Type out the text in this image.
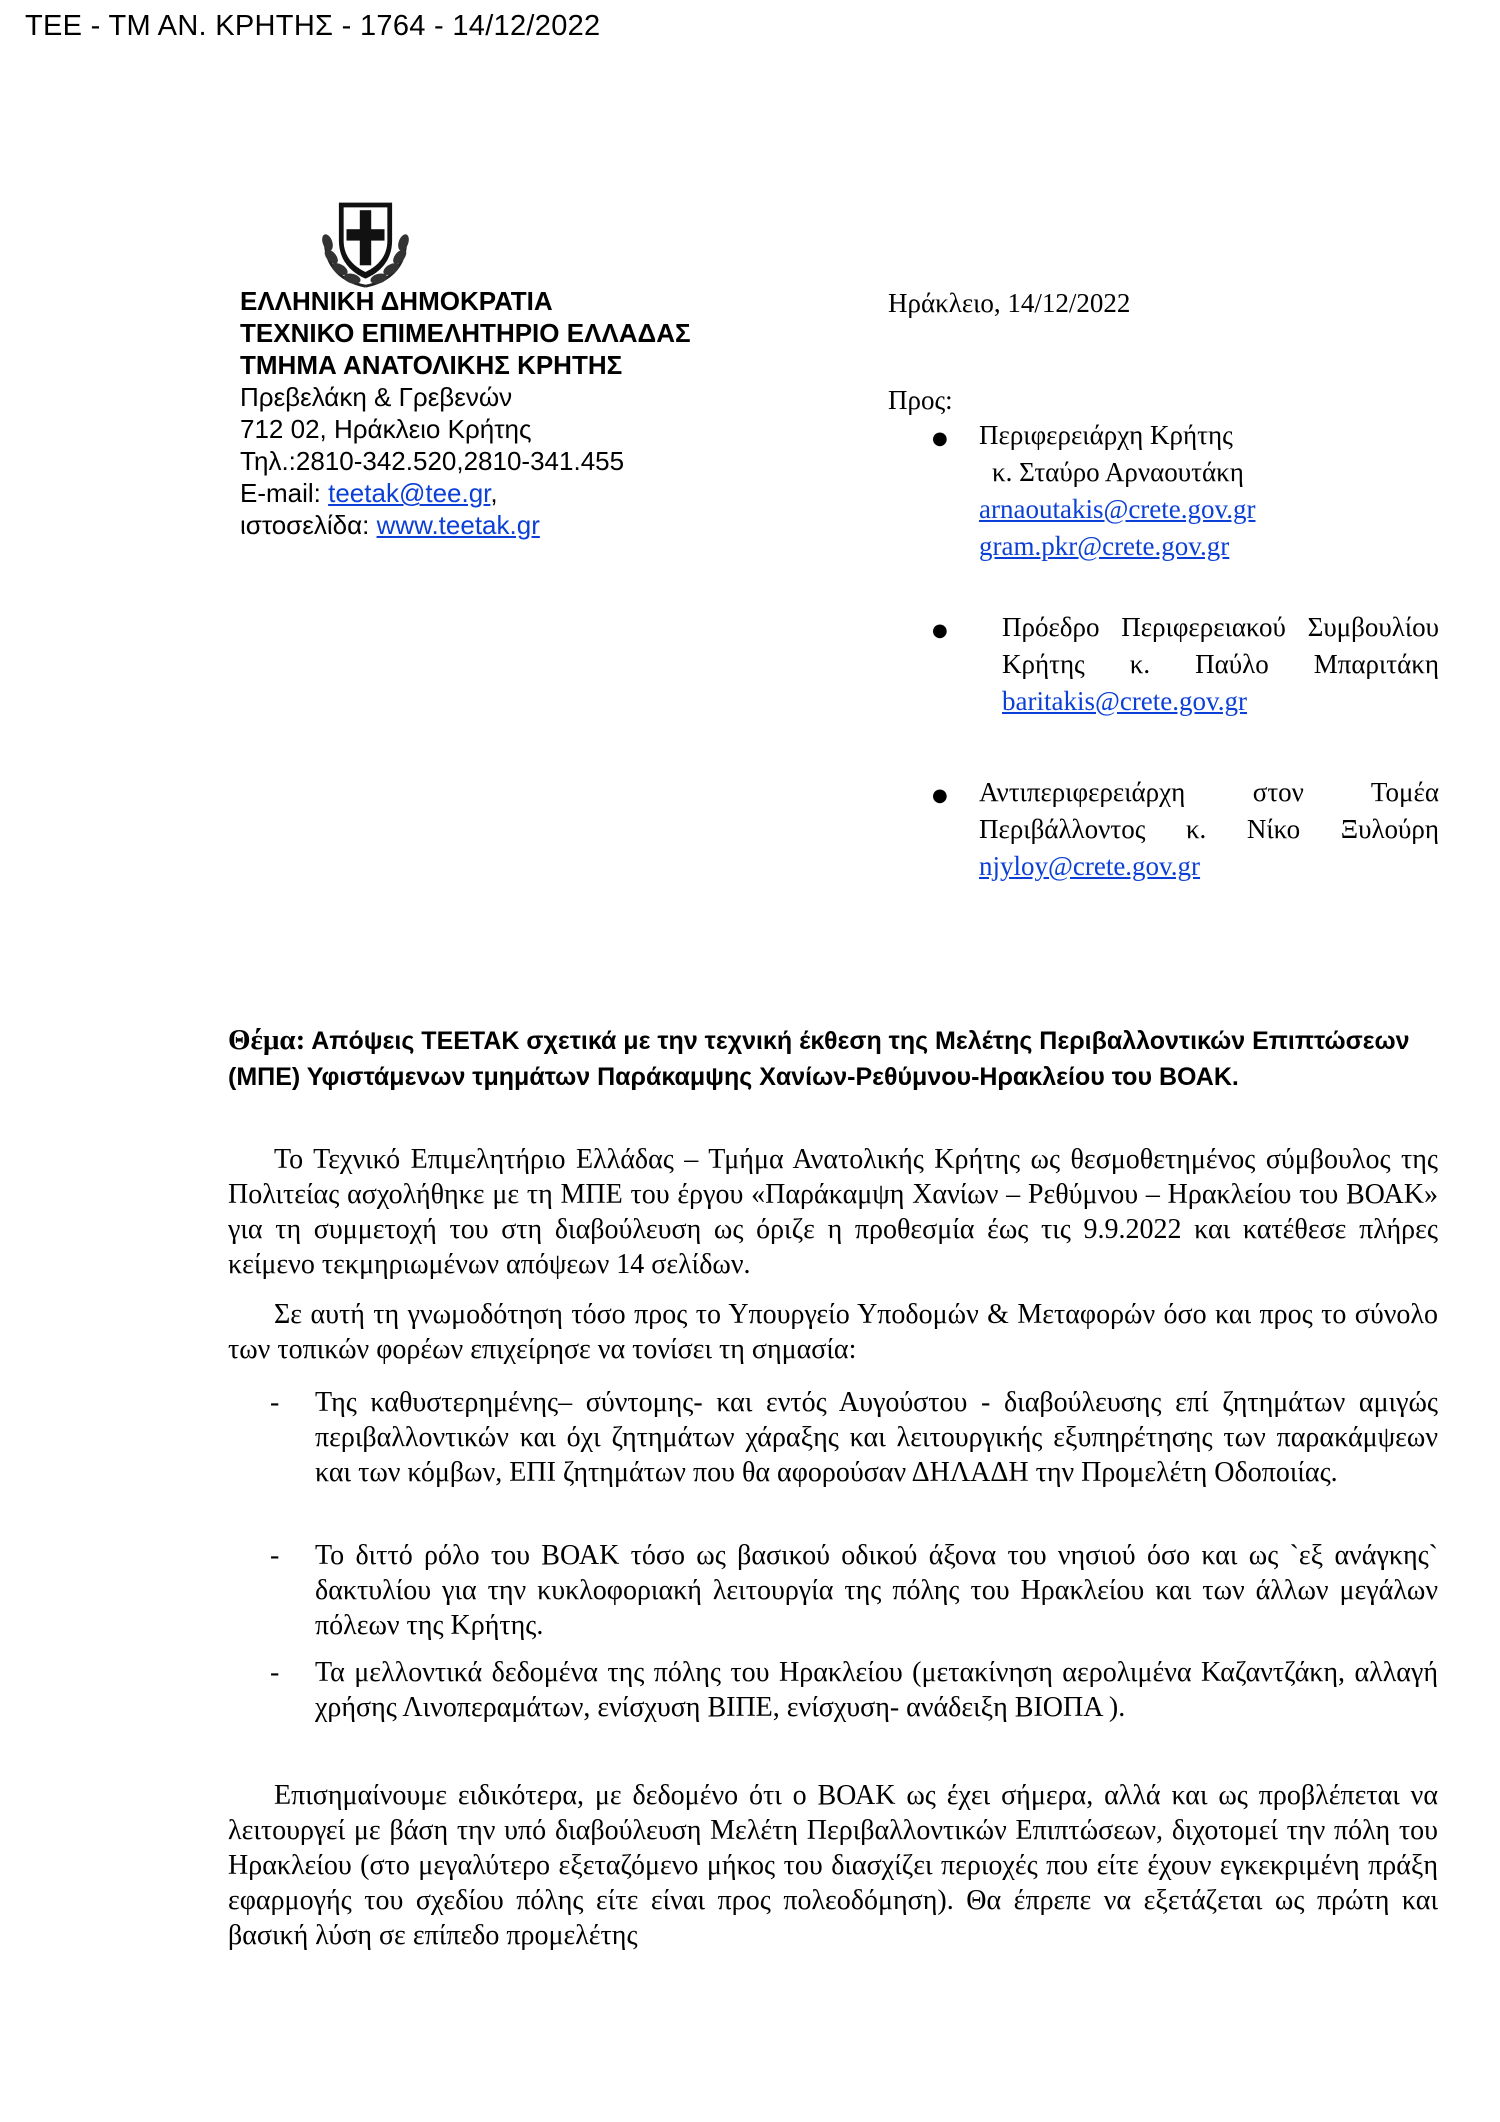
ΤΕΕ - ΤΜ ΑΝ. ΚΡΗΤΗΣ - 1764 - 14/12/2022
ΕΛΛΗΝΙΚΗ ΔΗΜΟΚΡΑΤΙΑ
ΤΕΧΝΙΚΟ ΕΠΙΜΕΛΗΤΗΡΙΟ ΕΛΛΑΔΑΣ
ΤΜΗΜΑ ΑΝΑΤΟΛΙΚΗΣ ΚΡΗΤΗΣ
Πρεβελάκη & Γρεβενών
712 02, Ηράκλειο Κρήτης
Τηλ.:2810-342.520,2810-341.455
E-mail: teetak@tee.gr,
ιστοσελίδα: www.teetak.gr
Ηράκλειο, 14/12/2022
Προς:
● Περιφερειάρχη Κρήτης
κ. Σταύρο Αρναουτάκη
arnaoutakis@crete.gov.gr
gram.pkr@crete.gov.gr
● Πρόεδρο Περιφερειακού Συμβουλίου
Κρήτης κ. Παύλο Μπαριτάκη
baritakis@crete.gov.gr
● Αντιπεριφερειάρχη στον Τομέα
Περιβάλλοντος κ. Νίκο Ξυλούρη
njyloy@crete.gov.gr
Θέμα: Απόψεις ΤΕΕΤΑΚ σχετικά με την τεχνική έκθεση της Μελέτης Περιβαλλοντικών Επιπτώσεων
(ΜΠΕ) Υφιστάμενων τμημάτων Παράκαμψης Χανίων-Ρεθύμνου-Ηρακλείου του ΒΟΑΚ.
Το Τεχνικό Επιμελητήριο Ελλάδας – Τμήμα Ανατολικής Κρήτης ως θεσμοθετημένος σύμβουλος της Πολιτείας ασχολήθηκε με τη ΜΠΕ του έργου «Παράκαμψη Χανίων – Ρεθύμνου – Ηρακλείου του ΒΟΑΚ» για τη συμμετοχή του στη διαβούλευση ως όριζε η προθεσμία έως τις 9.9.2022 και κατέθεσε πλήρες κείμενο τεκμηριωμένων απόψεων 14 σελίδων.
Σε αυτή τη γνωμοδότηση τόσο προς το Υπουργείο Υποδομών & Μεταφορών όσο και προς το σύνολο των τοπικών φορέων επιχείρησε να τονίσει τη σημασία:
- Της καθυστερημένης– σύντομης- και εντός Αυγούστου - διαβούλευσης επί ζητημάτων αμιγώς περιβαλλοντικών και όχι ζητημάτων χάραξης και λειτουργικής εξυπηρέτησης των παρακάμψεων και των κόμβων, ΕΠΙ ζητημάτων που θα αφορούσαν ΔΗΛΑΔΗ την Προμελέτη Οδοποιίας.
- Το διττό ρόλο του ΒΟΑΚ τόσο ως βασικού οδικού άξονα του νησιού όσο και ως `εξ ανάγκης` δακτυλίου για την κυκλοφοριακή λειτουργία της πόλης του Ηρακλείου και των άλλων μεγάλων πόλεων της Κρήτης.
- Τα μελλοντικά δεδομένα της πόλης του Ηρακλείου (μετακίνηση αερολιμένα Καζαντζάκη, αλλαγή χρήσης Λινοπεραμάτων, ενίσχυση ΒΙΠΕ, ενίσχυση- ανάδειξη ΒΙΟΠΑ ).
Επισημαίνουμε ειδικότερα, με δεδομένο ότι ο ΒΟΑΚ ως έχει σήμερα, αλλά και ως προβλέπεται να λειτουργεί με βάση την υπό διαβούλευση Μελέτη Περιβαλλοντικών Επιπτώσεων, διχοτομεί την πόλη του Ηρακλείου (στο μεγαλύτερο εξεταζόμενο μήκος του διασχίζει περιοχές που είτε έχουν εγκεκριμένη πράξη εφαρμογής του σχεδίου πόλης είτε είναι προς πολεοδόμηση). Θα έπρεπε να εξετάζεται ως πρώτη και βασική λύση σε επίπεδο προμελέτης
